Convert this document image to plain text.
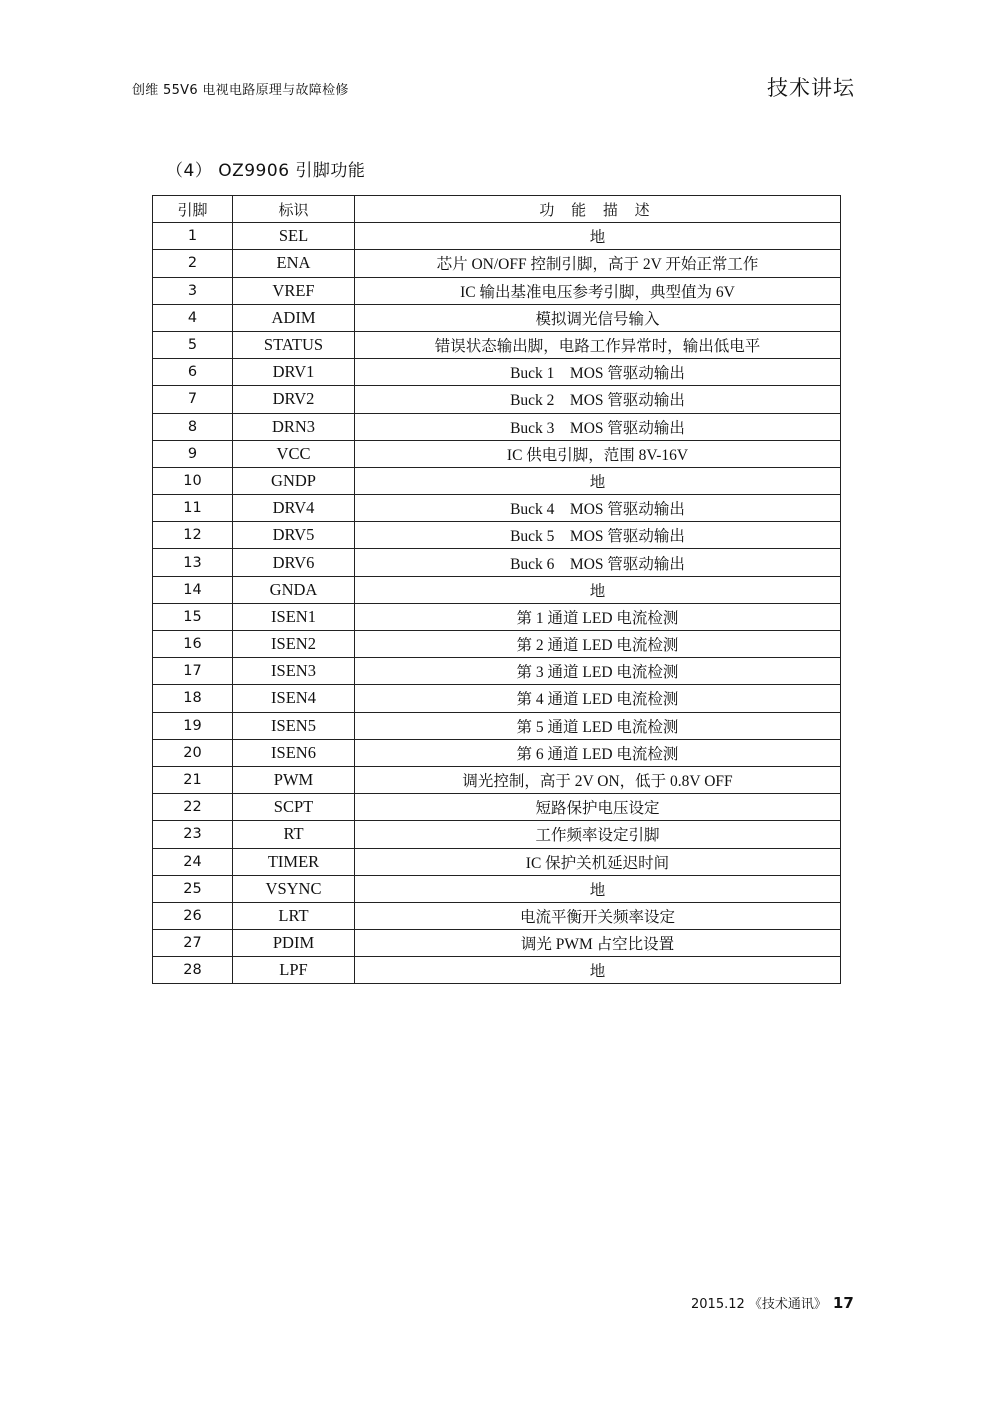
创维 55V6 电视电路原理与故障检修	技术讲坛
（4） OZ9906 引脚功能
引脚	标识	功 能 描 述
1	SEL	地
2	ENA	芯片 ON/OFF 控制引脚，高于 2V 开始正常工作
3	VREF	IC 输出基准电压参考引脚，典型值为 6V
4	ADIM	模拟调光信号输入
5	STATUS	错误状态输出脚，电路工作异常时，输出低电平
6	DRV1	Buck 1　MOS 管驱动输出
7	DRV2	Buck 2　MOS 管驱动输出
8	DRN3	Buck 3　MOS 管驱动输出
9	VCC	IC 供电引脚，范围 8V-16V
10	GNDP	地
11	DRV4	Buck 4　MOS 管驱动输出
12	DRV5	Buck 5　MOS 管驱动输出
13	DRV6	Buck 6　MOS 管驱动输出
14	GNDA	地
15	ISEN1	第 1 通道 LED 电流检测
16	ISEN2	第 2 通道 LED 电流检测
17	ISEN3	第 3 通道 LED 电流检测
18	ISEN4	第 4 通道 LED 电流检测
19	ISEN5	第 5 通道 LED 电流检测
20	ISEN6	第 6 通道 LED 电流检测
21	PWM	调光控制，高于 2V ON，低于 0.8V OFF
22	SCPT	短路保护电压设定
23	RT	工作频率设定引脚
24	TIMER	IC 保护关机延迟时间
25	VSYNC	地
26	LRT	电流平衡开关频率设定
27	PDIM	调光 PWM 占空比设置
28	LPF	地
2015.12 《技术通讯》 17
